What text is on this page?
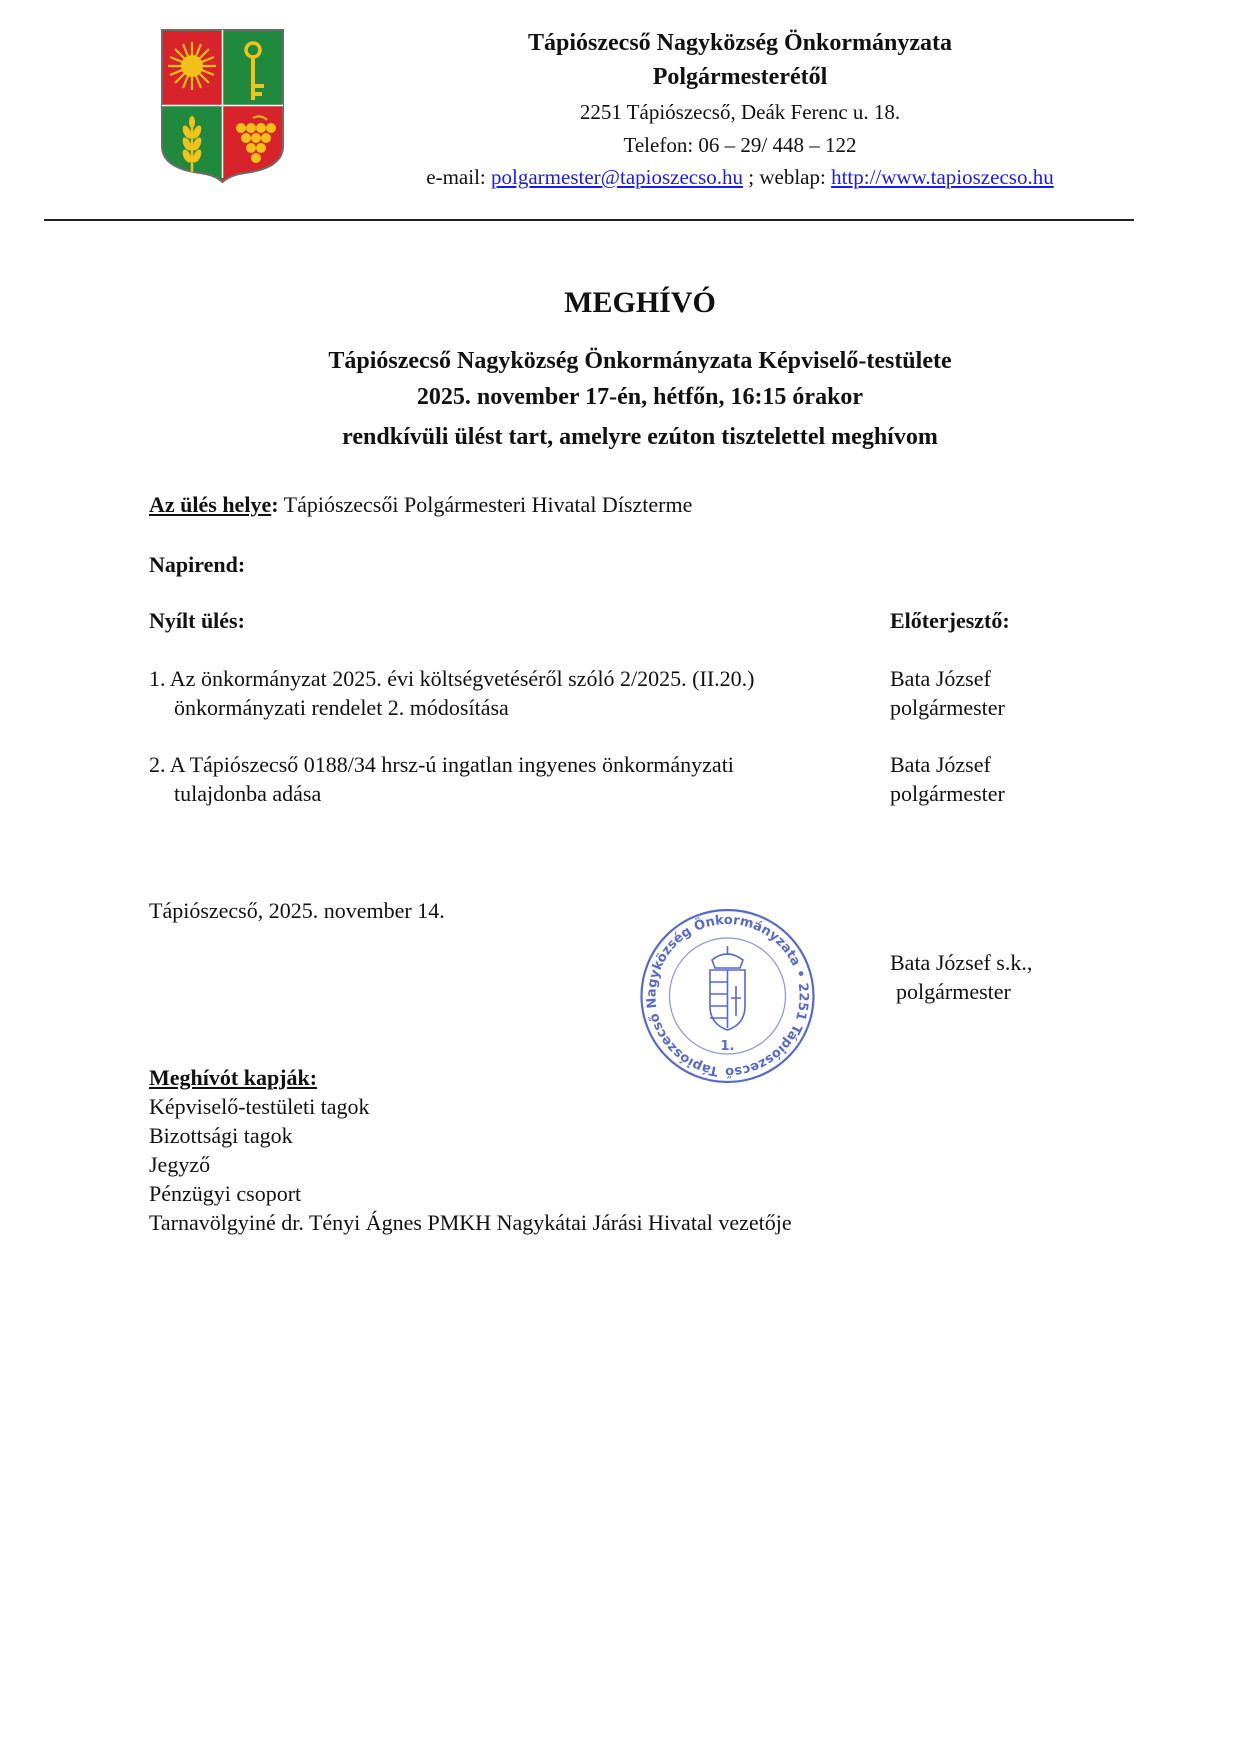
Tápiószecső Nagyközség Önkormányzata
Polgármesterétől
2251 Tápiószecső, Deák Ferenc u. 18.
Telefon: 06 – 29/ 448 – 122
e-mail: polgarmester@tapioszecso.hu ; weblap: http://www.tapioszecso.hu
MEGHÍVÓ
Tápiószecső Nagyközség Önkormányzata Képviselő-testülete
2025. november 17-én, hétfőn, 16:15 órakor
rendkívüli ülést tart, amelyre ezúton tisztelettel meghívom
Az ülés helye: Tápiószecsői Polgármesteri Hivatal Díszterme
Napirend:
Nyílt ülés:	Előterjesztő:
1. Az önkormányzat 2025. évi költségvetéséről szóló 2/2025. (II.20.)
önkormányzati rendelet 2. módosítása
Bata József
polgármester
2. A Tápiószecső 0188/34 hrsz-ú ingatlan ingyenes önkormányzati
tulajdonba adása
Bata József
polgármester
Tápiószecső, 2025. november 14.
Tápiószecső Nagyközség Önkormányzata • 2251 Tápiószecső
1.
Bata József s.k.,
polgármester
Meghívót kapják:
Képviselő-testületi tagok
Bizottsági tagok
Jegyző
Pénzügyi csoport
Tarnavölgyiné dr. Tényi Ágnes PMKH Nagykátai Járási Hivatal vezetője
